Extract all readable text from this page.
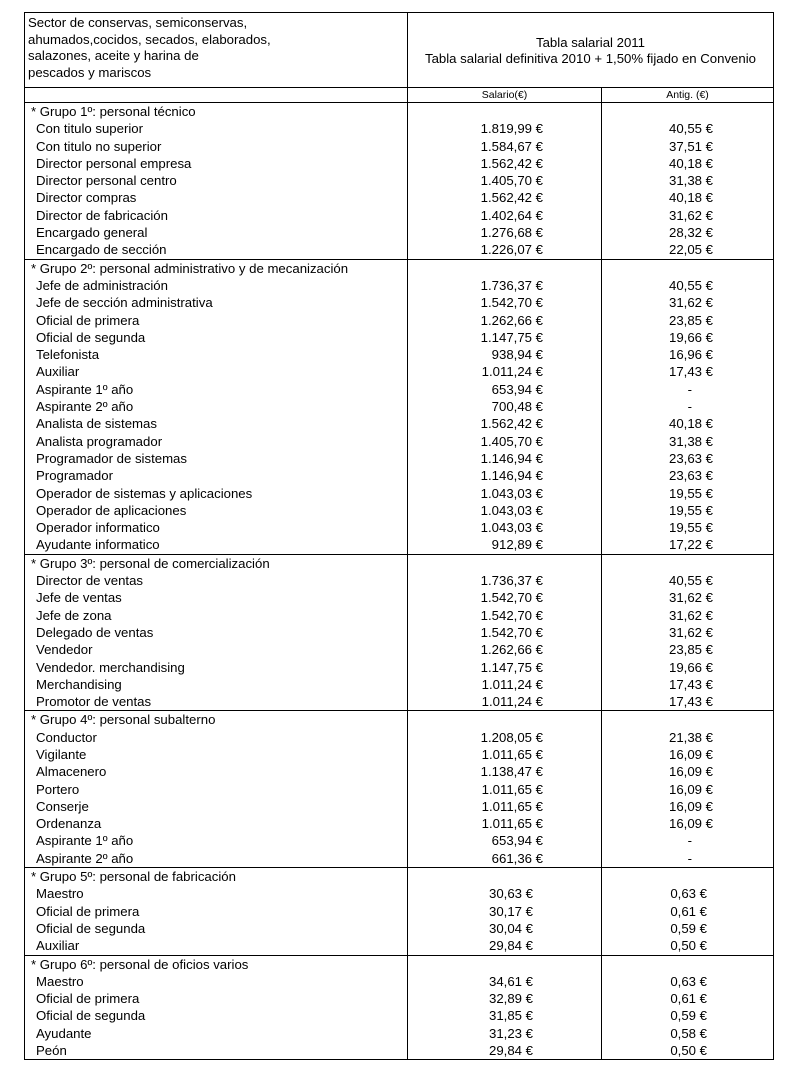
Sector de conservas, semiconservas,
ahumados,cocidos, secados, elaborados,
salazones, aceite y harina de
pescados y mariscos
Tabla salarial 2011
Tabla salarial definitiva 2010 + 1,50% fijado en Convenio
Salario(€)	Antig. (€)
* Grupo 1º: personal técnico
Con titulo superior
Con titulo no superior
Director personal empresa
Director personal centro
Director compras
Director de fabricación
Encargado general
Encargado de sección
1.819,99 €
1.584,67 €
1.562,42 €
1.405,70 €
1.562,42 €
1.402,64 €
1.276,68 €
1.226,07 €
40,55 €
37,51 €
40,18 €
31,38 €
40,18 €
31,62 €
28,32 €
22,05 €
* Grupo 2º: personal administrativo y de mecanización
Jefe de administración
Jefe de sección administrativa
Oficial de primera
Oficial de segunda
Telefonista
Auxiliar
Aspirante 1º año
Aspirante 2º año
Analista de sistemas
Analista programador
Programador de sistemas
Programador
Operador de sistemas y aplicaciones
Operador de aplicaciones
Operador informatico
Ayudante informatico
1.736,37 €
1.542,70 €
1.262,66 €
1.147,75 €
938,94 €
1.011,24 €
653,94 €
700,48 €
1.562,42 €
1.405,70 €
1.146,94 €
1.146,94 €
1.043,03 €
1.043,03 €
1.043,03 €
912,89 €
40,55 €
31,62 €
23,85 €
19,66 €
16,96 €
17,43 €
-
-
40,18 €
31,38 €
23,63 €
23,63 €
19,55 €
19,55 €
19,55 €
17,22 €
* Grupo 3º: personal de comercialización
Director de ventas
Jefe de ventas
Jefe de zona
Delegado de ventas
Vendedor
Vendedor. merchandising
Merchandising
Promotor de ventas
1.736,37 €
1.542,70 €
1.542,70 €
1.542,70 €
1.262,66 €
1.147,75 €
1.011,24 €
1.011,24 €
40,55 €
31,62 €
31,62 €
31,62 €
23,85 €
19,66 €
17,43 €
17,43 €
* Grupo 4º: personal subalterno
Conductor
Vigilante
Almacenero
Portero
Conserje
Ordenanza
Aspirante 1º año
Aspirante 2º año
1.208,05 €
1.011,65 €
1.138,47 €
1.011,65 €
1.011,65 €
1.011,65 €
653,94 €
661,36 €
21,38 €
16,09 €
16,09 €
16,09 €
16,09 €
16,09 €
-
-
* Grupo 5º: personal de fabricación
Maestro
Oficial de primera
Oficial de segunda
Auxiliar
30,63 €
30,17 €
30,04 €
29,84 €
0,63 €
0,61 €
0,59 €
0,50 €
* Grupo 6º: personal de oficios varios
Maestro
Oficial de primera
Oficial de segunda
Ayudante
Peón
34,61 €
32,89 €
31,85 €
31,23 €
29,84 €
0,63 €
0,61 €
0,59 €
0,58 €
0,50 €
